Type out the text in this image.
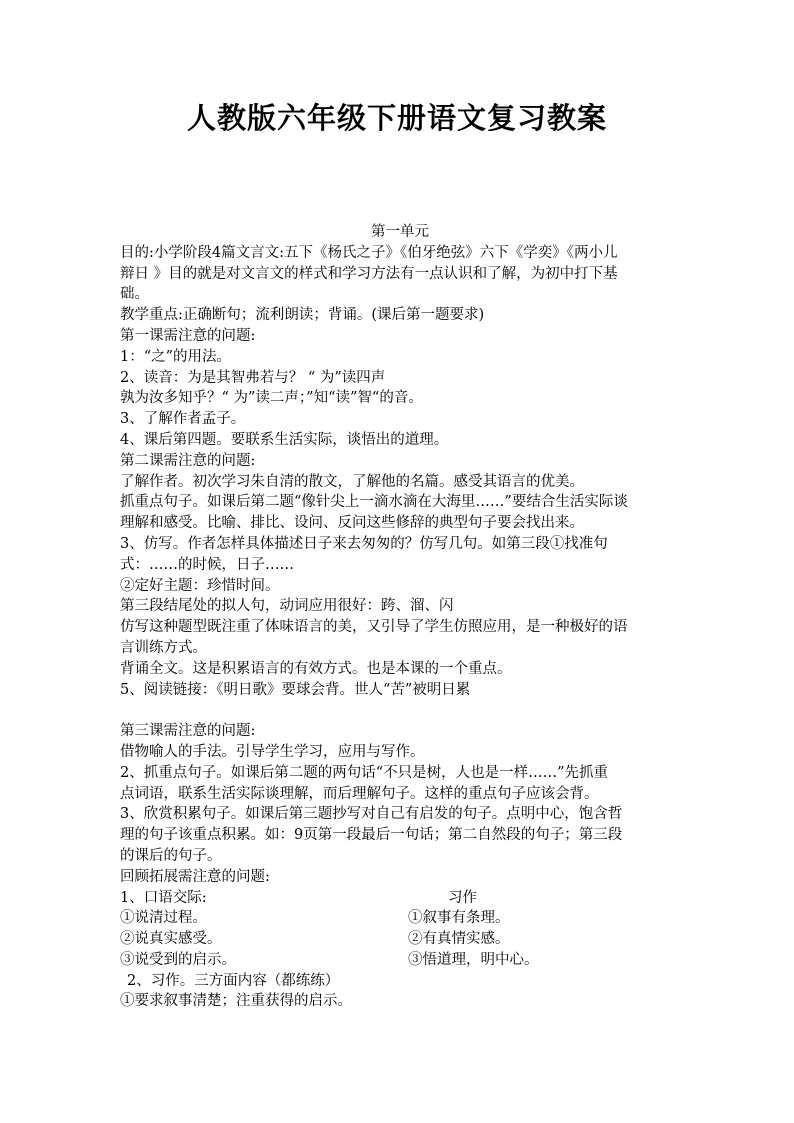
人教版六年级下册语文复习教案
第一单元
目的:小学阶段4篇文言文:五下《杨氏之子》《伯牙绝弦》六下《学奕》《两小儿
辩日 》目的就是对文言文的样式和学习方法有一点认识和了解，为初中打下基
础。
教学重点:正确断句；流利朗读；背诵。(课后第一题要求)
第一课需注意的问题:
1：“之”的用法。
2、读音：为是其智弗若与？ “ 为”读四声
孰为汝多知乎？“ 为”读二声；”知“读”智“的音。
3、了解作者孟子。
4、课后第四题。要联系生活实际，谈悟出的道理。
第二课需注意的问题:
了解作者。初次学习朱自清的散文，了解他的名篇。感受其语言的优美。
抓重点句子。如课后第二题“像针尖上一滴水滴在大海里……”要结合生活实际谈
理解和感受。比喻、排比、设问、反问这些修辞的典型句子要会找出来。
3、仿写。作者怎样具体描述日子来去匆匆的？仿写几句。如第三段①找准句
式：……的时候，日子……
②定好主题：珍惜时间。
第三段结尾处的拟人句，动词应用很好：跨、溜、闪
仿写这种题型既注重了体味语言的美，又引导了学生仿照应用，是一种极好的语
言训练方式。
背诵全文。这是积累语言的有效方式。也是本课的一个重点。
5、阅读链接：《明日歌》要球会背。世人“苦”被明日累
第三课需注意的问题:
借物喻人的手法。引导学生学习，应用与写作。
2、抓重点句子。如课后第二题的两句话“不只是树，人也是一样……”先抓重
点词语，联系生活实际谈理解，而后理解句子。这样的重点句子应该会背。
3、欣赏积累句子。如课后第三题抄写对自己有启发的句子。点明中心，饱含哲
理的句子该重点积累。如：9页第一段最后一句话；第二自然段的句子；第三段
的课后的句子。
回顾拓展需注意的问题:
1、口语交际:	习作
①说清过程。	①叙事有条理。
②说真实感受。	②有真情实感。
③说受到的启示。	③悟道理，明中心。
2、习作。三方面内容（都练练）
①要求叙事清楚；注重获得的启示。
